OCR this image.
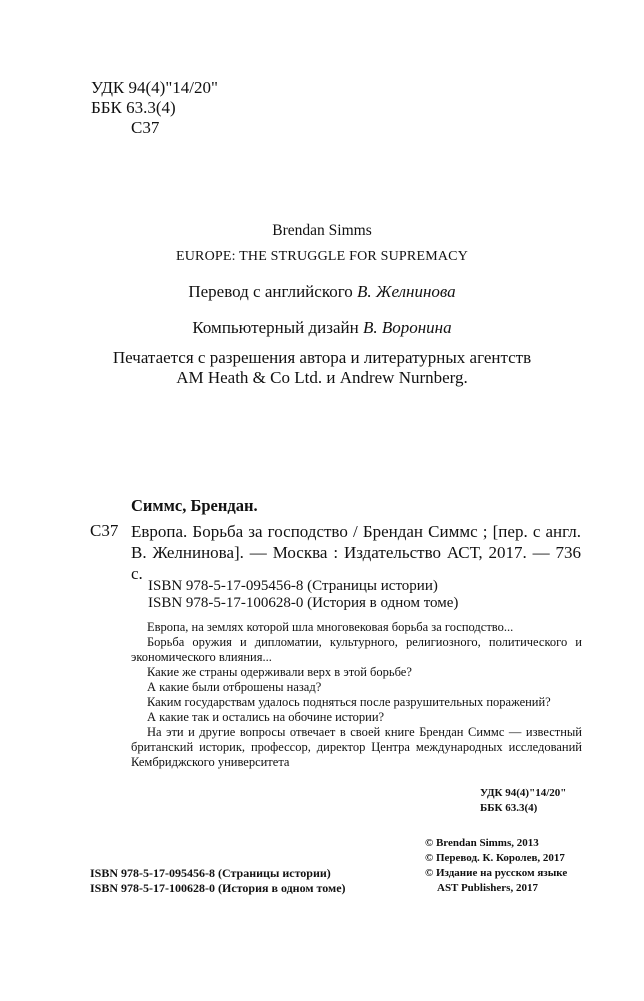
УДК 94(4)"14/20"
ББК 63.3(4)
С37
Brendan Simms
EUROPE: THE STRUGGLE FOR SUPREMACY
Перевод с английского В. Желнинова
Компьютерный дизайн В. Воронина
Печатается с разрешения автора и литературных агентств
AM Heath & Co Ltd. и Andrew Nurnberg.
Симмс, Брендан.
С37 Европа. Борьба за господство / Брендан Симмс ; [пер. с англ. В. Желнинова]. — Москва : Издательство АСТ, 2017. — 736 с.
ISBN 978-5-17-095456-8 (Страницы истории)
ISBN 978-5-17-100628-0 (История в одном томе)

Европа, на землях которой шла многовековая борьба за господство...

Борьба оружия и дипломатии, культурного, религиозного, политического и экономического влияния...

Какие же страны одерживали верх в этой борьбе?

А какие были отброшены назад?

Каким государствам удалось подняться после разрушительных поражений?

А какие так и остались на обочине истории?

На эти и другие вопросы отвечает в своей книге Брендан Симмс — известный британский историк, профессор, директор Центра международных исследований Кембриджского университета

УДК 94(4)"14/20"
ББК 63.3(4)
ISBN 978-5-17-095456-8 (Страницы истории)
ISBN 978-5-17-100628-0 (История в одном томе)
© Brendan Simms, 2013
© Перевод. К. Королев, 2017
© Издание на русском языке
AST Publishers, 2017
